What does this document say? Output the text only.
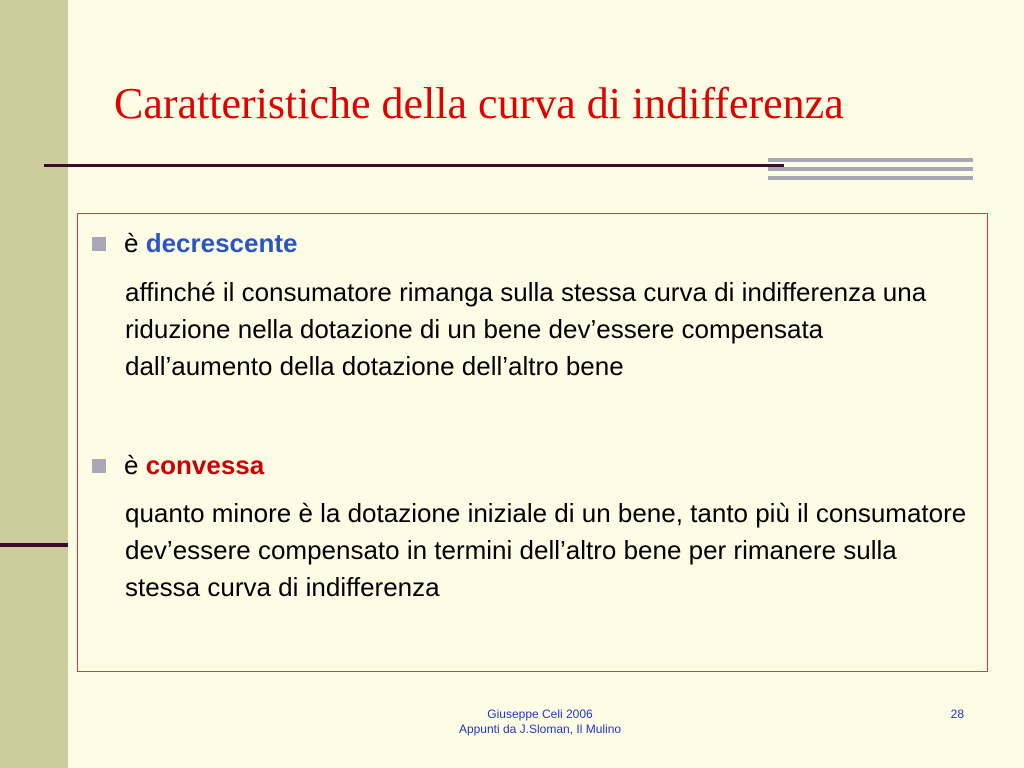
Caratteristiche della curva di indifferenza
è decrescente

affinché il consumatore rimanga sulla stessa curva di indifferenza una riduzione nella dotazione di un bene dev’essere compensata dall’aumento della dotazione dell’altro bene

è convessa

quanto minore è la dotazione iniziale di un bene, tanto più il consumatore dev’essere compensato in termini dell’altro bene per rimanere sulla stessa curva di indifferenza

Giuseppe Celi 2006
Appunti da J.Sloman, Il Mulino
28
